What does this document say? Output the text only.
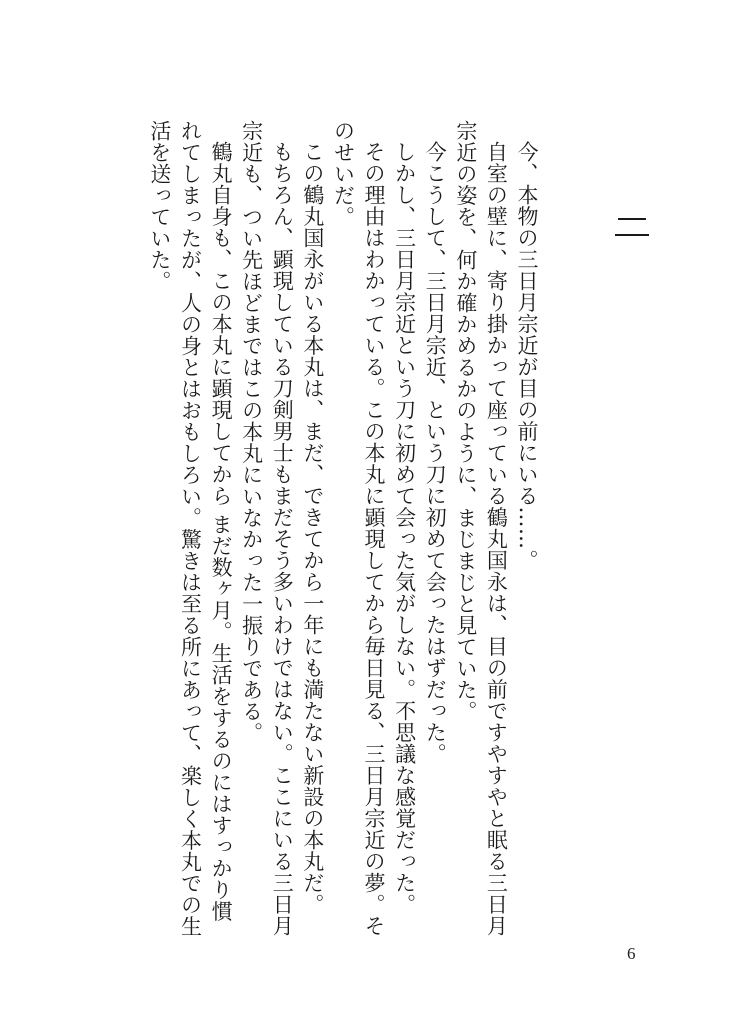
今、本物の三日月宗近が目の前にいる……。

自室の壁に、寄り掛かって座っている鶴丸国永は、目の前ですやすやと眠る三日月宗近の姿を、何か確かめるかのように、まじまじと見ていた。

今こうして、三日月宗近、という刀に初めて会ったはずだった。

しかし、三日月宗近という刀に初めて会った気がしない。不思議な感覚だった。

その理由はわかっている。この本丸に顕現してから毎日見る、三日月宗近の夢。そのせいだ。

この鶴丸国永がいる本丸は、まだ、できてから一年にも満たない新設の本丸だ。

もちろん、顕現している刀剣男士もまだそう多いわけではない。ここにいる三日月宗近も、つい先ほどまではこの本丸にいなかった一振りである。

鶴丸自身も、この本丸に顕現してから まだ数ヶ月。生活をするのにはすっかり慣れてしまったが、人の身とはおもしろい。驚きは至る所にあって、楽しく本丸での生活を送っていた。

6
